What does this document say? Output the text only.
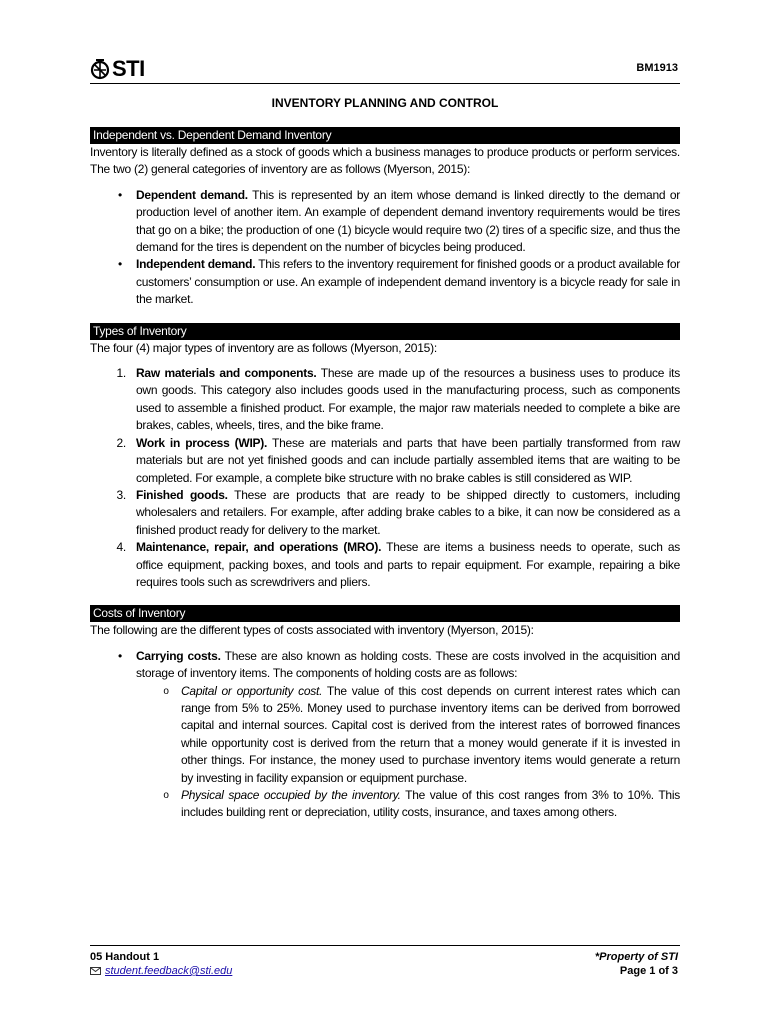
STI	BM1913
INVENTORY PLANNING AND CONTROL
Independent vs. Dependent Demand Inventory

Inventory is literally defined as a stock of goods which a business manages to produce products or perform services. The two (2) general categories of inventory are as follows (Myerson, 2015):

•	Dependent demand. This is represented by an item whose demand is linked directly to the demand or production level of another item. An example of dependent demand inventory requirements would be tires that go on a bike; the production of one (1) bicycle would require two (2) tires of a specific size, and thus the demand for the tires is dependent on the number of bicycles being produced.
•	Independent demand. This refers to the inventory requirement for finished goods or a product available for customers’ consumption or use. An example of independent demand inventory is a bicycle ready for sale in the market.
Types of Inventory

The four (4) major types of inventory are as follows (Myerson, 2015):

1. Raw materials and components. These are made up of the resources a business uses to produce its own goods. This category also includes goods used in the manufacturing process, such as components used to assemble a finished product. For example, the major raw materials needed to complete a bike are brakes, cables, wheels, tires, and the bike frame.
2. Work in process (WIP). These are materials and parts that have been partially transformed from raw materials but are not yet finished goods and can include partially assembled items that are waiting to be completed. For example, a complete bike structure with no brake cables is still considered as WIP.
3. Finished goods. These are products that are ready to be shipped directly to customers, including wholesalers and retailers. For example, after adding brake cables to a bike, it can now be considered as a finished product ready for delivery to the market.
4. Maintenance, repair, and operations (MRO). These are items a business needs to operate, such as office equipment, packing boxes, and tools and parts to repair equipment. For example, repairing a bike requires tools such as screwdrivers and pliers.
Costs of Inventory

The following are the different types of costs associated with inventory (Myerson, 2015):

•	Carrying costs. These are also known as holding costs. These are costs involved in the acquisition and storage of inventory items. The components of holding costs are as follows:
o	Capital or opportunity cost. The value of this cost depends on current interest rates which can range from 5% to 25%. Money used to purchase inventory items can be derived from borrowed capital and internal sources. Capital cost is derived from the interest rates of borrowed finances while opportunity cost is derived from the return that a money would generate if it is invested in other things. For instance, the money used to purchase inventory items would generate a return by investing in facility expansion or equipment purchase.
o	Physical space occupied by the inventory. The value of this cost ranges from 3% to 10%. This includes building rent or depreciation, utility costs, insurance, and taxes among others.
05 Handout 1	*Property of STI
student.feedback@sti.edu	Page 1 of 3
